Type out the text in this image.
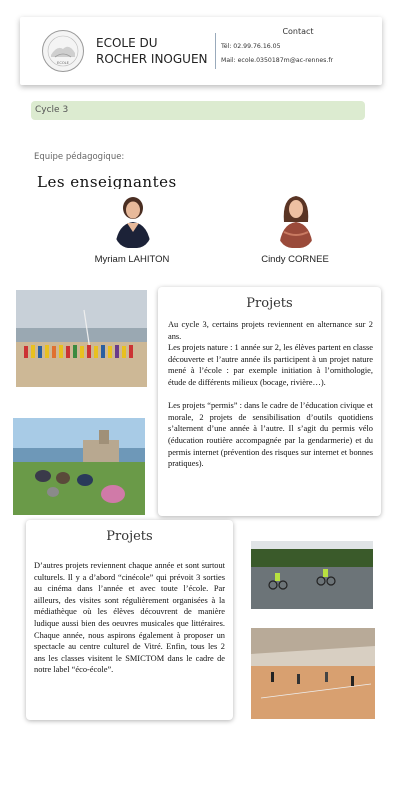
ECOLE
ECOLE DU
ROCHER INOGUEN
Contact
Tél: 02.99.76.16.05
Mail: ecole.0350187m@ac-rennes.fr
Cycle 3
Equipe pédagogique:
Les enseignantes
Myriam LAHITON	Cindy CORNEE
Projets

Au cycle 3, certains projets reviennent en alternance sur 2 ans.

Les projets nature : 1 année sur 2, les élèves partent en classe découverte et l’autre année ils participent à un projet nature mené à l’école : par exemple initiation à l’ornithologie, étude de différents milieux (bocage, rivière…).

Les projets “permis” : dans le cadre de l’éducation civique et morale, 2 projets de sensibilisation d’outils quotidiens s’alternent d’une année à l’autre. Il s’agit du permis vélo (éducation routière accompagnée par la gendarmerie) et du permis internet (prévention des risques sur internet et bonnes pratiques).

Projets

D’autres projets reviennent chaque année et sont surtout culturels. Il y a d’abord “cinécole” qui prévoit 3 sorties au cinéma dans l’année et avec toute l’école. Par ailleurs, des visites sont régulièrement organisées à la médiathèque où les élèves découvrent de manière ludique aussi bien des oeuvres musicales que littéraires. Chaque année, nous aspirons également à proposer un spectacle au centre culturel de Vitré. Enfin, tous les 2 ans les classes visitent le SMICTOM dans le cadre de notre label “éco-école”.
